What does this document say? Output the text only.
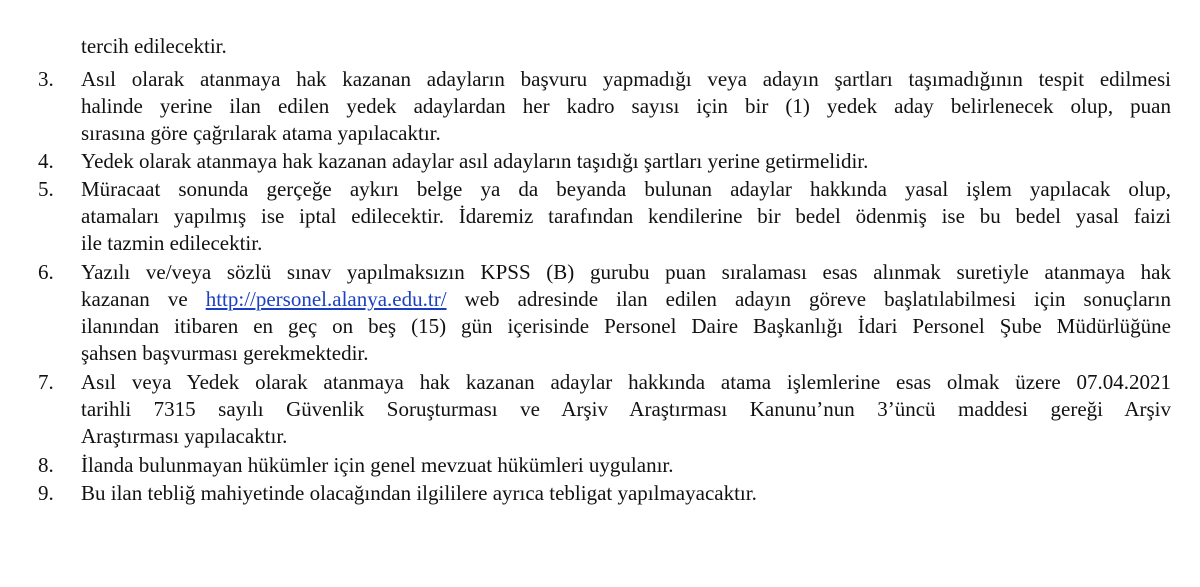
tercih edilecektir.
3. Asıl olarak atanmaya hak kazanan adayların başvuru yapmadığı veya adayın şartları taşımadığının tespit edilmesi
halinde yerine ilan edilen yedek adaylardan her kadro sayısı için bir (1) yedek aday belirlenecek olup, puan
sırasına göre çağrılarak atama yapılacaktır.
4. Yedek olarak atanmaya hak kazanan adaylar asıl adayların taşıdığı şartları yerine getirmelidir.
5. Müracaat sonunda gerçeğe aykırı belge ya da beyanda bulunan adaylar hakkında yasal işlem yapılacak olup,
atamaları yapılmış ise iptal edilecektir. İdaremiz tarafından kendilerine bir bedel ödenmiş ise bu bedel yasal faizi
ile tazmin edilecektir.
6. Yazılı ve/veya sözlü sınav yapılmaksızın KPSS (B) gurubu puan sıralaması esas alınmak suretiyle atanmaya hak
kazanan ve http://personel.alanya.edu.tr/ web adresinde ilan edilen adayın göreve başlatılabilmesi için sonuçların
ilanından itibaren en geç on beş (15) gün içerisinde Personel Daire Başkanlığı İdari Personel Şube Müdürlüğüne
şahsen başvurması gerekmektedir.
7. Asıl veya Yedek olarak atanmaya hak kazanan adaylar hakkında atama işlemlerine esas olmak üzere 07.04.2021
tarihli 7315 sayılı Güvenlik Soruşturması ve Arşiv Araştırması Kanunu’nun 3’üncü maddesi gereği Arşiv
Araştırması yapılacaktır.
8. İlanda bulunmayan hükümler için genel mevzuat hükümleri uygulanır.
9. Bu ilan tebliğ mahiyetinde olacağından ilgililere ayrıca tebligat yapılmayacaktır.
